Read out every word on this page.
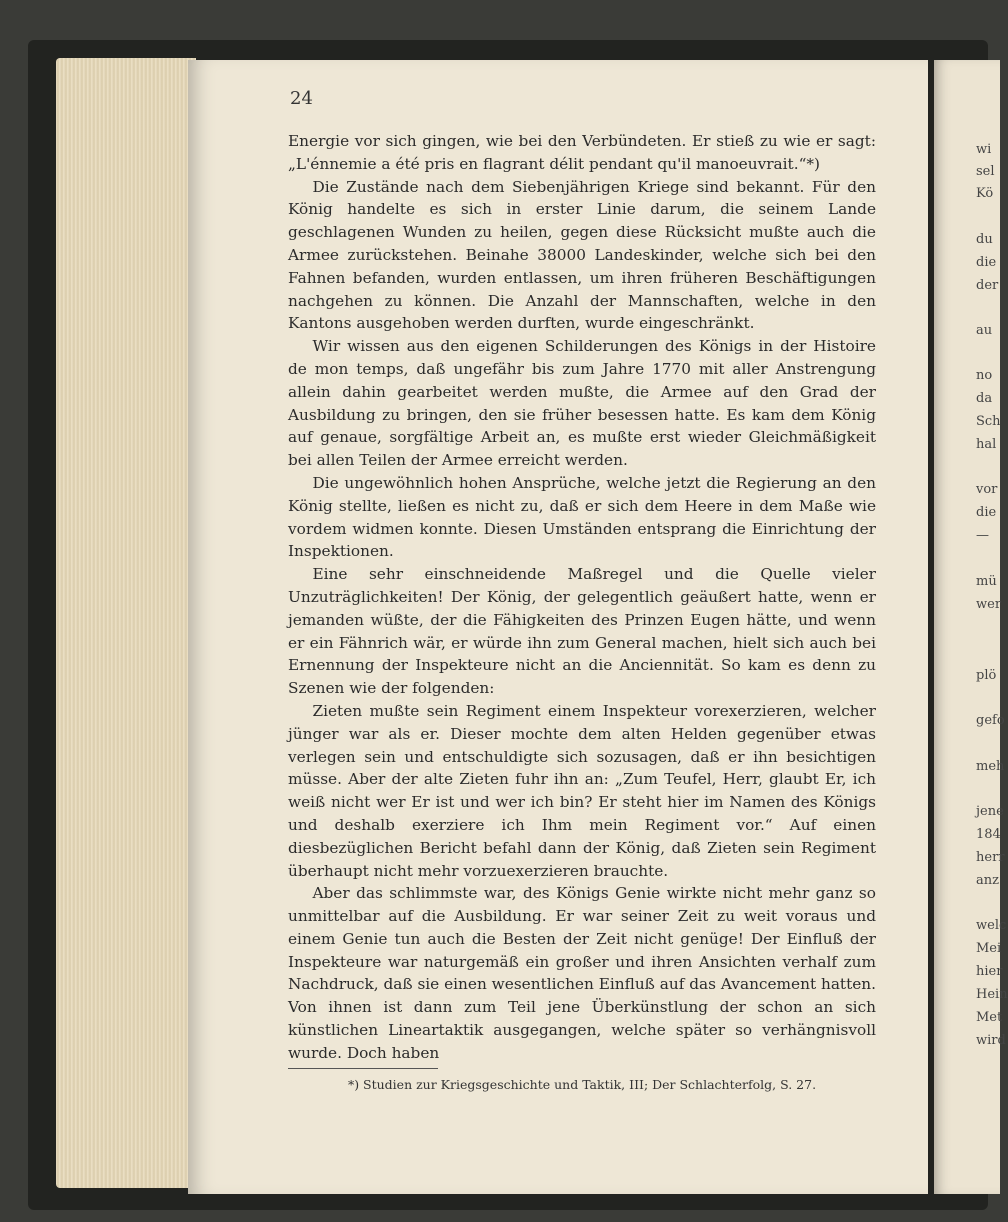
24

Energie vor sich gingen, wie bei den Verbündeten. Er stieß zu wie er sagt: „L'énnemie a été pris en flagrant délit pendant qu'il manoeuvrait.“*)

Die Zustände nach dem Siebenjährigen Kriege sind bekannt. Für den König handelte es sich in erster Linie darum, die seinem Lande geschlagenen Wunden zu heilen, gegen diese Rücksicht mußte auch die Armee zurückstehen. Beinahe 38000 Landeskinder, welche sich bei den Fahnen befanden, wurden entlassen, um ihren früheren Beschäftigungen nachgehen zu können. Die Anzahl der Mannschaften, welche in den Kantons ausgehoben werden durften, wurde eingeschränkt.

Wir wissen aus den eigenen Schilderungen des Königs in der Histoire de mon temps, daß ungefähr bis zum Jahre 1770 mit aller Anstrengung allein dahin gearbeitet werden mußte, die Armee auf den Grad der Ausbildung zu bringen, den sie früher besessen hatte. Es kam dem König auf genaue, sorgfältige Arbeit an, es mußte erst wieder Gleichmäßigkeit bei allen Teilen der Armee erreicht werden.

Die ungewöhnlich hohen Ansprüche, welche jetzt die Regierung an den König stellte, ließen es nicht zu, daß er sich dem Heere in dem Maße wie vordem widmen konnte. Diesen Umständen entsprang die Einrichtung der Inspektionen.

Eine sehr einschneidende Maßregel und die Quelle vieler Unzuträglichkeiten! Der König, der gelegentlich geäußert hatte, wenn er jemanden wüßte, der die Fähigkeiten des Prinzen Eugen hätte, und wenn er ein Fähnrich wär, er würde ihn zum General machen, hielt sich auch bei Ernennung der Inspekteure nicht an die Anciennität. So kam es denn zu Szenen wie der folgenden:

Zieten mußte sein Regiment einem Inspekteur vorexerzieren, welcher jünger war als er. Dieser mochte dem alten Helden gegenüber etwas verlegen sein und entschuldigte sich sozusagen, daß er ihn besichtigen müsse. Aber der alte Zieten fuhr ihn an: „Zum Teufel, Herr, glaubt Er, ich weiß nicht wer Er ist und wer ich bin? Er steht hier im Namen des Königs und deshalb exerziere ich Ihm mein Regiment vor.“ Auf einen diesbezüglichen Bericht befahl dann der König, daß Zieten sein Regiment überhaupt nicht mehr vorzuexerzieren brauchte.

Aber das schlimmste war, des Königs Genie wirkte nicht mehr ganz so unmittelbar auf die Ausbildung. Er war seiner Zeit zu weit voraus und einem Genie tun auch die Besten der Zeit nicht genüge! Der Einfluß der Inspekteure war naturgemäß ein großer und ihren Ansichten verhalf zum Nachdruck, daß sie einen wesentlichen Einfluß auf das Avancement hatten. Von ihnen ist dann zum Teil jene Überkünstlung der schon an sich künstlichen Lineartaktik ausgegangen, welche später so verhängnisvoll wurde. Doch haben

*) Studien zur Kriegsgeschichte und Taktik, III; Der Schlachterfolg, S. 27.
wi
sel
Kö
du
die
der
au
no
da
Sch
hal
vor
die
—
mü
wer
plö
gefo
meh
jene
184
herr
anz
welc
Mei
hier
Hein
Met
wird
